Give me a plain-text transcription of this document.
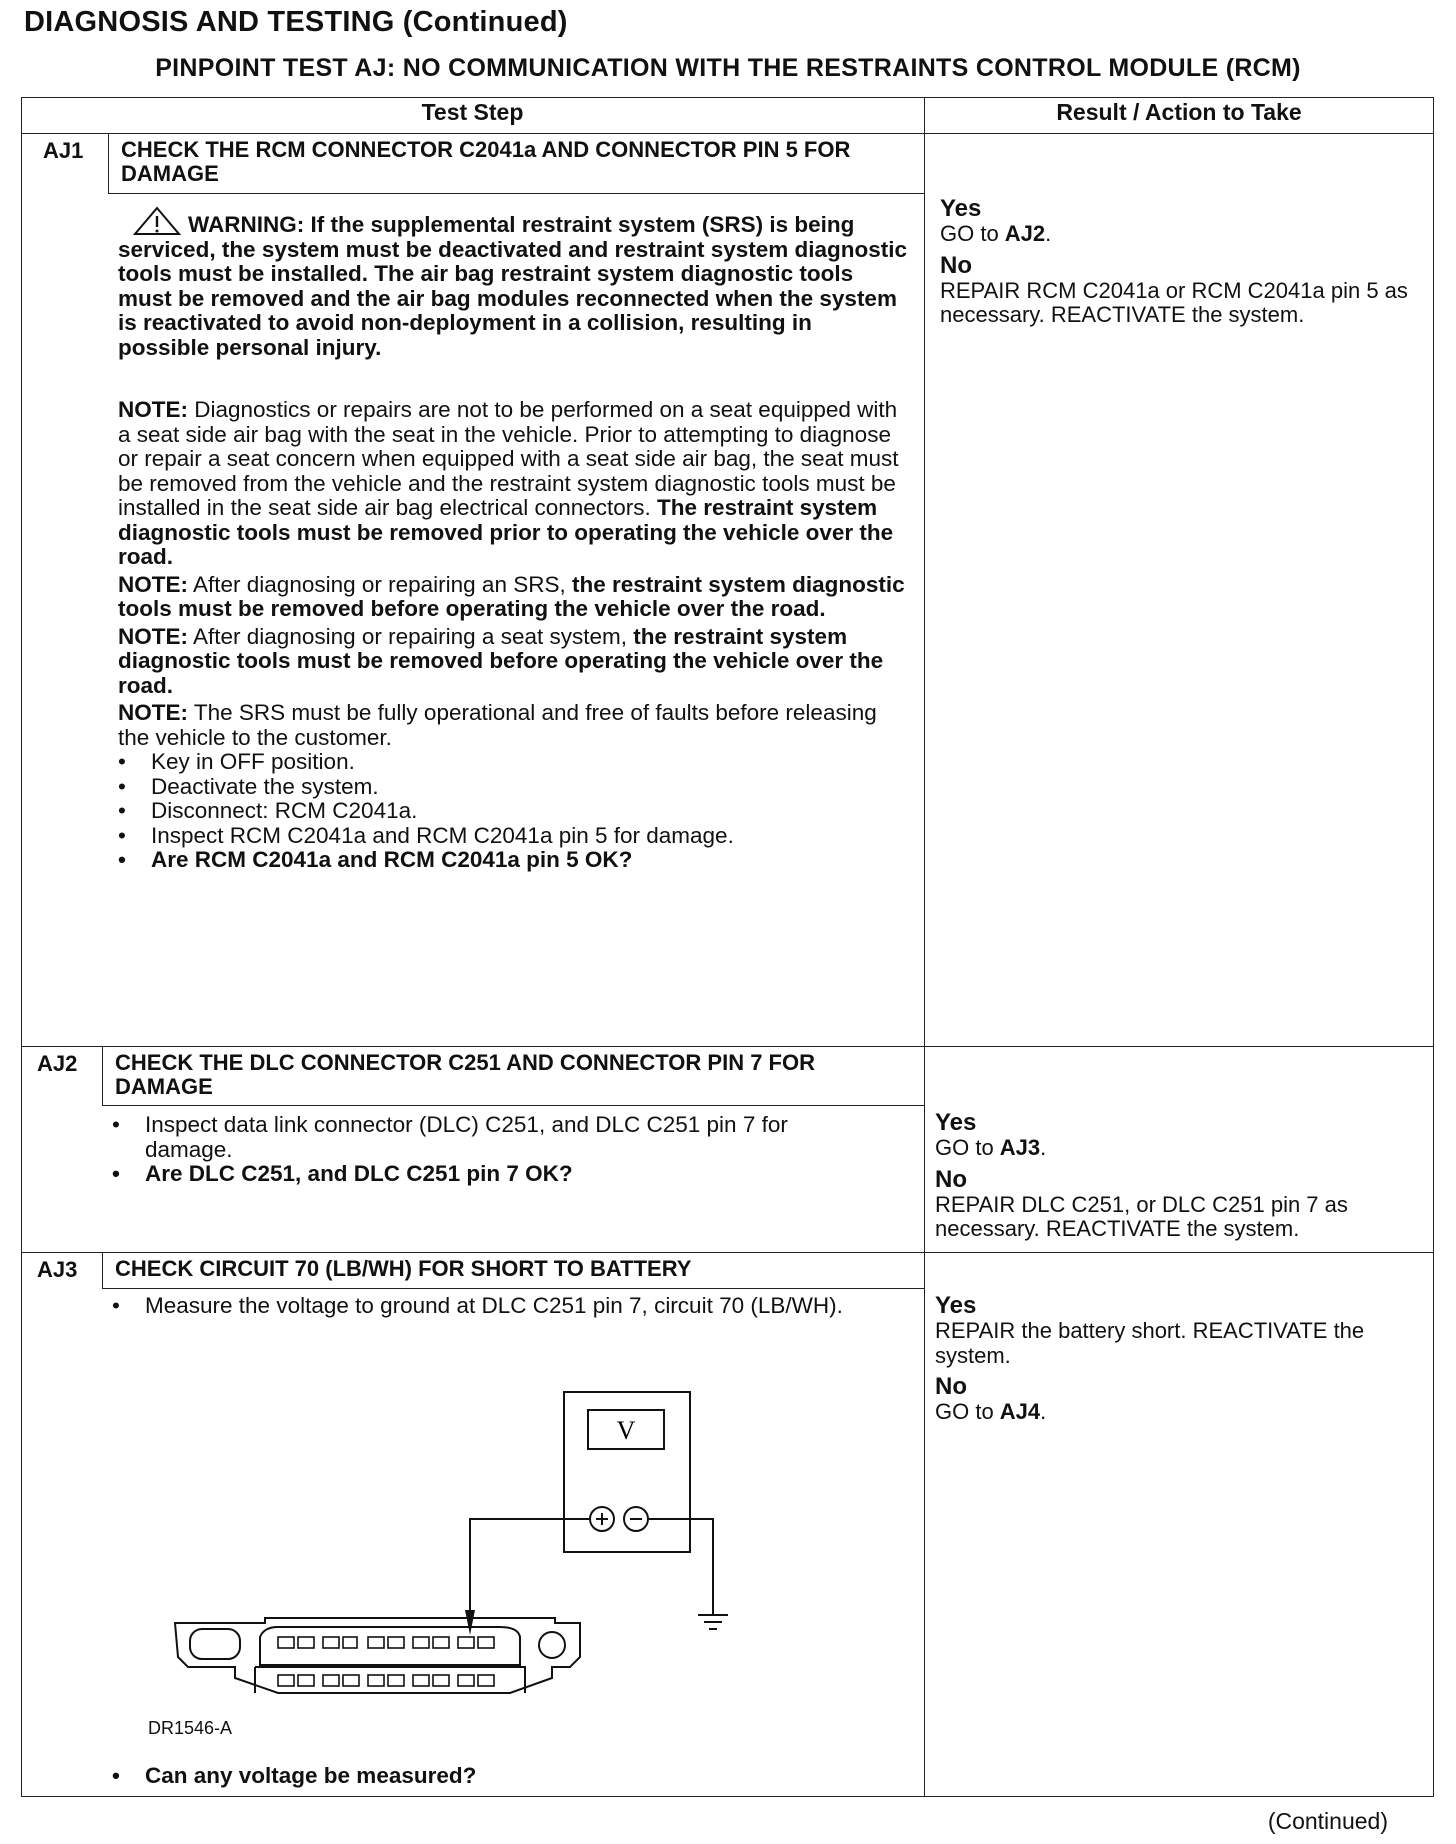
DIAGNOSIS AND TESTING (Continued)
PINPOINT TEST AJ: NO COMMUNICATION WITH THE RESTRAINTS CONTROL MODULE (RCM)
Test Step	Result / Action to Take
AJ1 CHECK THE RCM CONNECTOR C2041a AND CONNECTOR PIN 5 FOR DAMAGE

WARNING: If the supplemental restraint system (SRS) is being serviced, the system must be deactivated and restraint system diagnostic tools must be installed. The air bag restraint system diagnostic tools must be removed and the air bag modules reconnected when the system is reactivated to avoid non-deployment in a collision, resulting in possible personal injury.

NOTE: Diagnostics or repairs are not to be performed on a seat equipped with a seat side air bag with the seat in the vehicle. Prior to attempting to diagnose or repair a seat concern when equipped with a seat side air bag, the seat must be removed from the vehicle and the restraint system diagnostic tools must be installed in the seat side air bag electrical connectors. The restraint system diagnostic tools must be removed prior to operating the vehicle over the road.

NOTE: After diagnosing or repairing an SRS, the restraint system diagnostic tools must be removed before operating the vehicle over the road.

NOTE: After diagnosing or repairing a seat system, the restraint system diagnostic tools must be removed before operating the vehicle over the road.

NOTE: The SRS must be fully operational and free of faults before releasing the vehicle to the customer.

• Key in OFF position.
• Deactivate the system.
• Disconnect: RCM C2041a.
• Inspect RCM C2041a and RCM C2041a pin 5 for damage.
• Are RCM C2041a and RCM C2041a pin 5 OK?
Yes
GO to AJ2.
No
REPAIR RCM C2041a or RCM C2041a pin 5 as necessary. REACTIVATE the system.
AJ2 CHECK THE DLC CONNECTOR C251 AND CONNECTOR PIN 7 FOR DAMAGE
• Inspect data link connector (DLC) C251, and DLC C251 pin 7 for damage.
• Are DLC C251, and DLC C251 pin 7 OK?
Yes
GO to AJ3.
No
REPAIR DLC C251, or DLC C251 pin 7 as necessary. REACTIVATE the system.
AJ3 CHECK CIRCUIT 70 (LB/WH) FOR SHORT TO BATTERY
• Measure the voltage to ground at DLC C251 pin 7, circuit 70 (LB/WH).
V
DR1546-A
• Can any voltage be measured?
Yes
REPAIR the battery short. REACTIVATE the system.
No
GO to AJ4.
(Continued)
